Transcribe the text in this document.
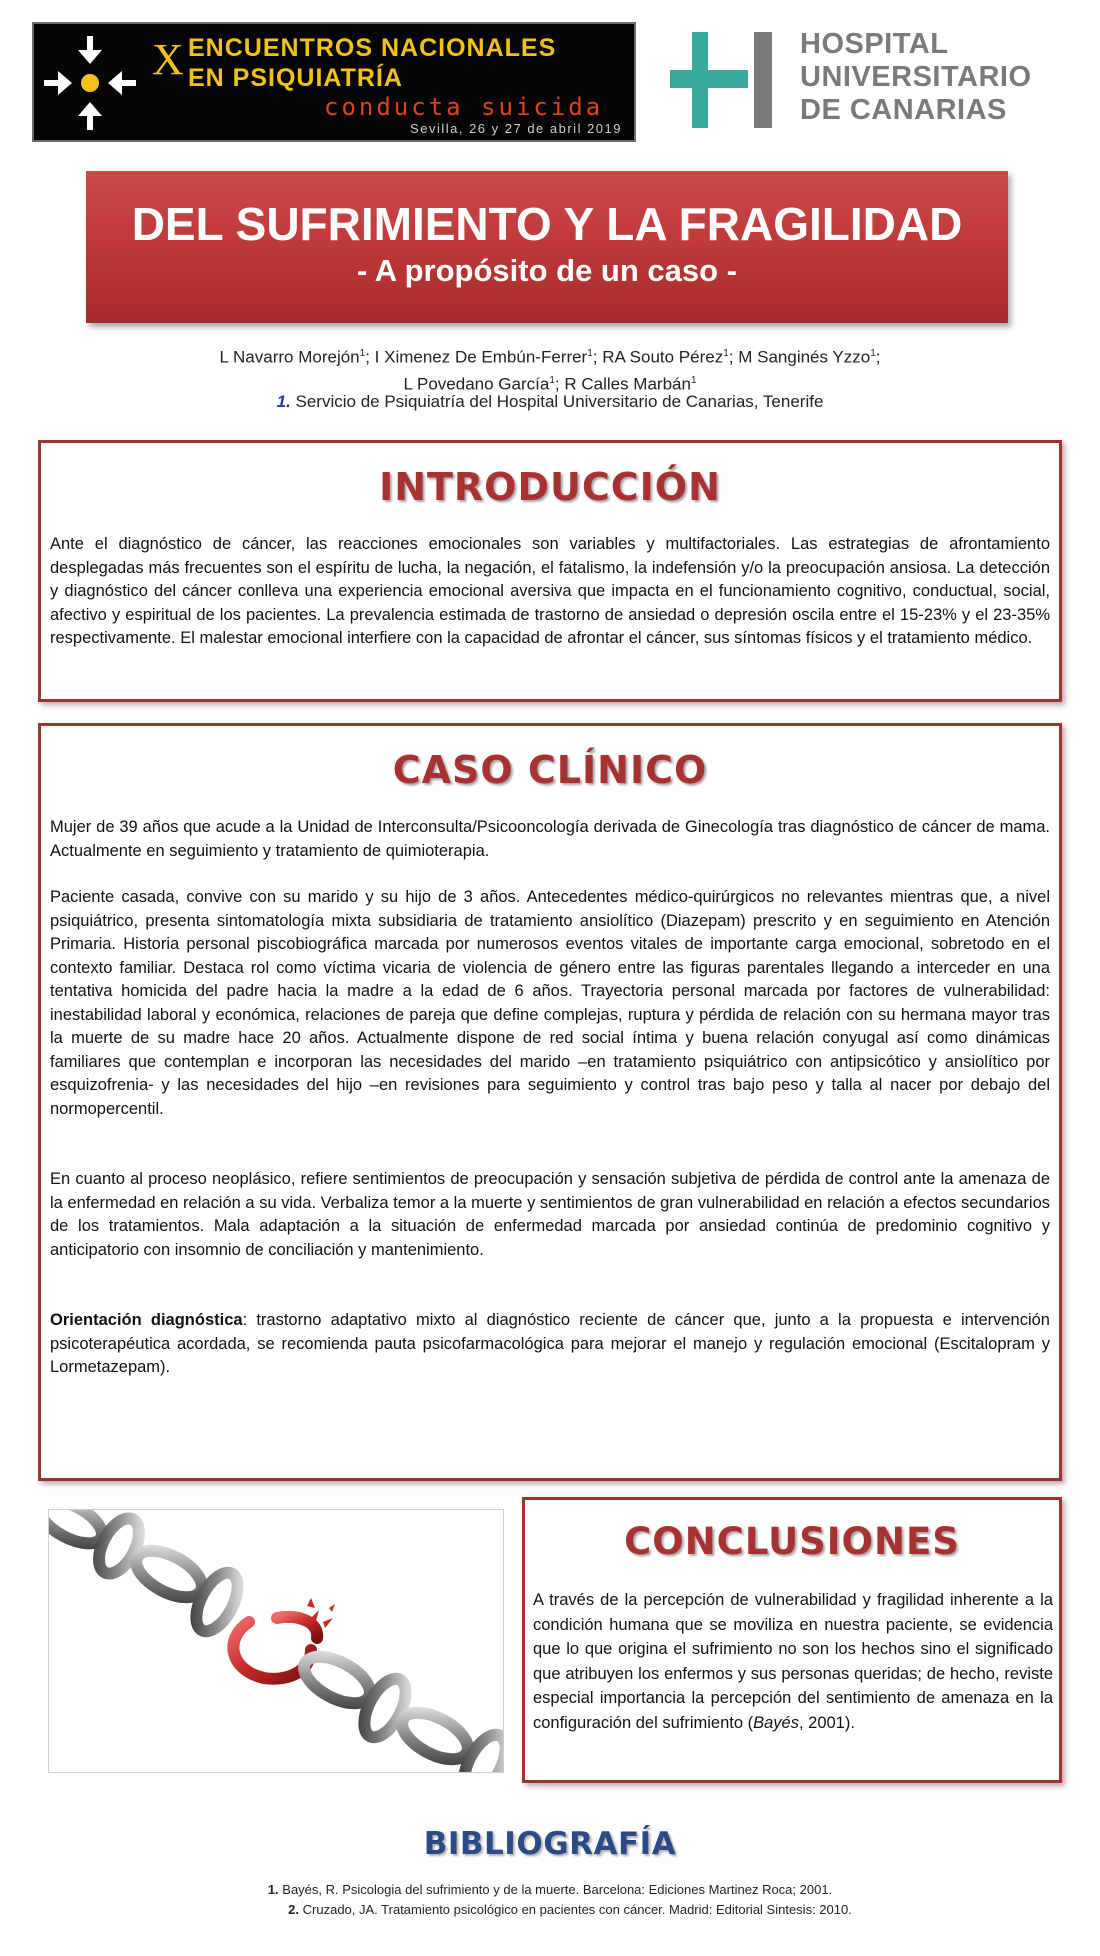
X ENCUENTROS NACIONALES
EN PSIQUIATRÍA
conducta suicida
Sevilla, 26 y 27 de abril 2019
HOSPITAL
UNIVERSITARIO
DE CANARIAS
DEL SUFRIMIENTO Y LA FRAGILIDAD
- A propósito de un caso -
L Navarro Morejón$^1$; I Ximenez De Embún-Ferrer$^1$; RA Souto Pérez$^1$; M Sanginés Yzzo$^1$;
L Povedano García$^1$; R Calles Marbán$^1$
1. Servicio de Psiquiatría del Hospital Universitario de Canarias, Tenerife
INTRODUCCIÓN

Ante el diagnóstico de cáncer, las reacciones emocionales son variables y multifactoriales. Las estrategias de afrontamiento desplegadas más frecuentes son el espíritu de lucha, la negación, el fatalismo, la indefensión y/o la preocupación ansiosa. La detección y diagnóstico del cáncer conlleva una experiencia emocional aversiva que impacta en el funcionamiento cognitivo, conductual, social, afectivo y espiritual de los pacientes. La prevalencia estimada de trastorno de ansiedad o depresión oscila entre el 15-23% y el 23-35% respectivamente. El malestar emocional interfiere con la capacidad de afrontar el cáncer, sus síntomas físicos y el tratamiento médico.

CASO CLÍNICO

Mujer de 39 años que acude a la Unidad de Interconsulta/Psicooncología derivada de Ginecología tras diagnóstico de cáncer de mama. Actualmente en seguimiento y tratamiento de quimioterapia.

Paciente casada, convive con su marido y su hijo de 3 años. Antecedentes médico-quirúrgicos no relevantes mientras que, a nivel psiquiátrico, presenta sintomatología mixta subsidiaria de tratamiento ansiolítico (Diazepam) prescrito y en seguimiento en Atención Primaria. Historia personal piscobiográfica marcada por numerosos eventos vitales de importante carga emocional, sobretodo en el contexto familiar. Destaca rol como víctima vicaria de violencia de género entre las figuras parentales llegando a interceder en una tentativa homicida del padre hacia la madre a la edad de 6 años. Trayectoria personal marcada por factores de vulnerabilidad: inestabilidad laboral y económica, relaciones de pareja que define complejas, ruptura y pérdida de relación con su hermana mayor tras la muerte de su madre hace 20 años. Actualmente dispone de red social íntima y buena relación conyugal así como dinámicas familiares que contemplan e incorporan las necesidades del marido –en tratamiento psiquiátrico con antipsicótico y ansiolítico por esquizofrenia- y las necesidades del hijo –en revisiones para seguimiento y control tras bajo peso y talla al nacer por debajo del normopercentil.

En cuanto al proceso neoplásico, refiere sentimientos de preocupación y sensación subjetiva de pérdida de control ante la amenaza de la enfermedad en relación a su vida. Verbaliza temor a la muerte y sentimientos de gran vulnerabilidad en relación a efectos secundarios de los tratamientos. Mala adaptación a la situación de enfermedad marcada por ansiedad continúa de predominio cognitivo y anticipatorio con insomnio de conciliación y mantenimiento.

Orientación diagnóstica: trastorno adaptativo mixto al diagnóstico reciente de cáncer que, junto a la propuesta e intervención psicoterapéutica acordada, se recomienda pauta psicofarmacológica para mejorar el manejo y regulación emocional (Escitalopram y Lormetazepam).

CONCLUSIONES

A través de la percepción de vulnerabilidad y fragilidad inherente a la condición humana que se moviliza en nuestra paciente, se evidencia que lo que origina el sufrimiento no son los hechos sino el significado que atribuyen los enfermos y sus personas queridas; de hecho, reviste especial importancia la percepción del sentimiento de amenaza en la configuración del sufrimiento (Bayés, 2001).

BIBLIOGRAFÍA
1. Bayés, R. Psicologia del sufrimiento y de la muerte. Barcelona: Ediciones Martinez Roca; 2001.
2. Cruzado, JA. Tratamiento psicológico en pacientes con cáncer. Madrid: Editorial Sintesis: 2010.
